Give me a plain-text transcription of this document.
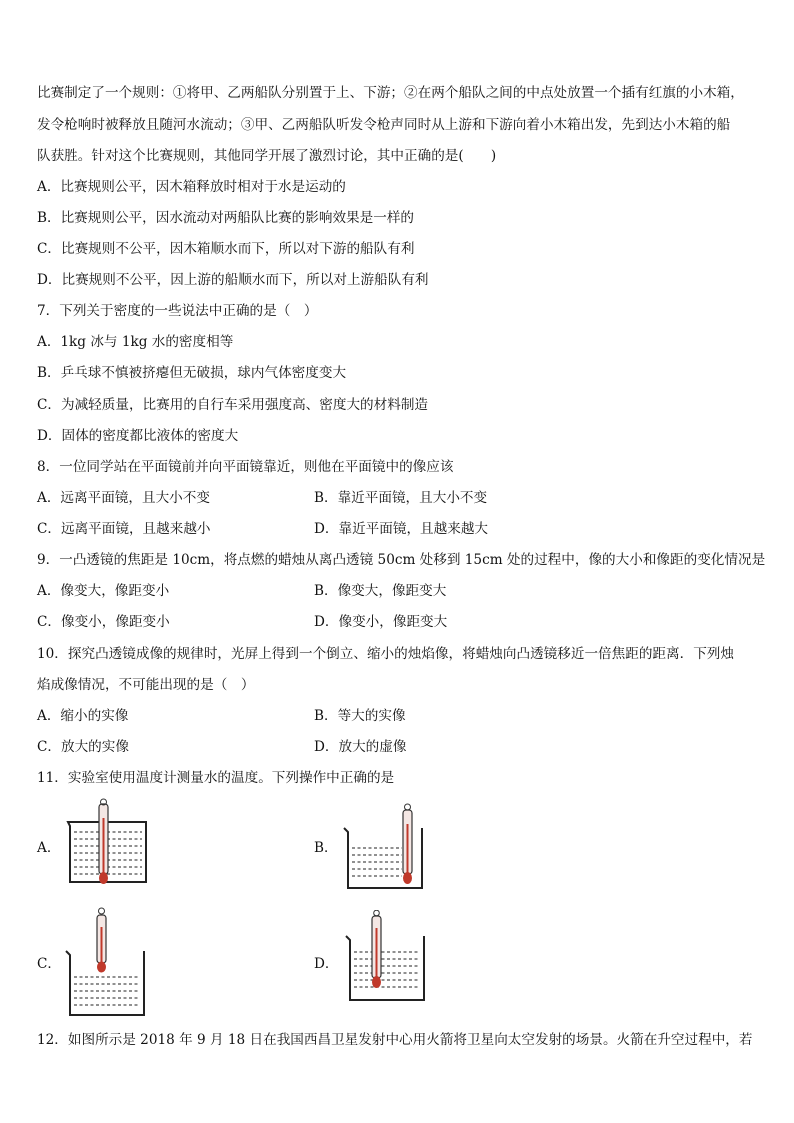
比赛制定了一个规则：①将甲、乙两船队分别置于上、下游；②在两个船队之间的中点处放置一个插有红旗的小木箱，
发令枪响时被释放且随河水流动；③甲、乙两船队听发令枪声同时从上游和下游向着小木箱出发，先到达小木箱的船
队获胜。针对这个比赛规则，其他同学开展了激烈讨论，其中正确的是(　　)
A．比赛规则公平，因木箱释放时相对于水是运动的
B．比赛规则公平，因水流动对两船队比赛的影响效果是一样的
C．比赛规则不公平，因木箱顺水而下，所以对下游的船队有利
D．比赛规则不公平，因上游的船顺水而下，所以对上游船队有利
7．下列关于密度的一些说法中正确的是（　）
A．1kg 冰与 1kg 水的密度相等
B．乒乓球不慎被挤瘪但无破损，球内气体密度变大
C．为减轻质量，比赛用的自行车采用强度高、密度大的材料制造
D．固体的密度都比液体的密度大
8．一位同学站在平面镜前并向平面镜靠近，则他在平面镜中的像应该
A．远离平面镜，且大小不变	B．靠近平面镜，且大小不变
C．远离平面镜，且越来越小	D．靠近平面镜，且越来越大
9．一凸透镜的焦距是 10cm，将点燃的蜡烛从离凸透镜 50cm 处移到 15cm 处的过程中，像的大小和像距的变化情况是
A．像变大，像距变小	B．像变大，像距变大
C．像变小，像距变小	D．像变小，像距变大
10．探究凸透镜成像的规律时，光屏上得到一个倒立、缩小的烛焰像，将蜡烛向凸透镜移近一倍焦距的距离．下列烛
焰成像情况，不可能出现的是（　）
A．缩小的实像	B．等大的实像
C．放大的实像	D．放大的虚像
11．实验室使用温度计测量水的温度。下列操作中正确的是
A．	B．
C．	D．
12．如图所示是 2018 年 9 月 18 日在我国西昌卫星发射中心用火箭将卫星向太空发射的场景。火箭在升空过程中，若
